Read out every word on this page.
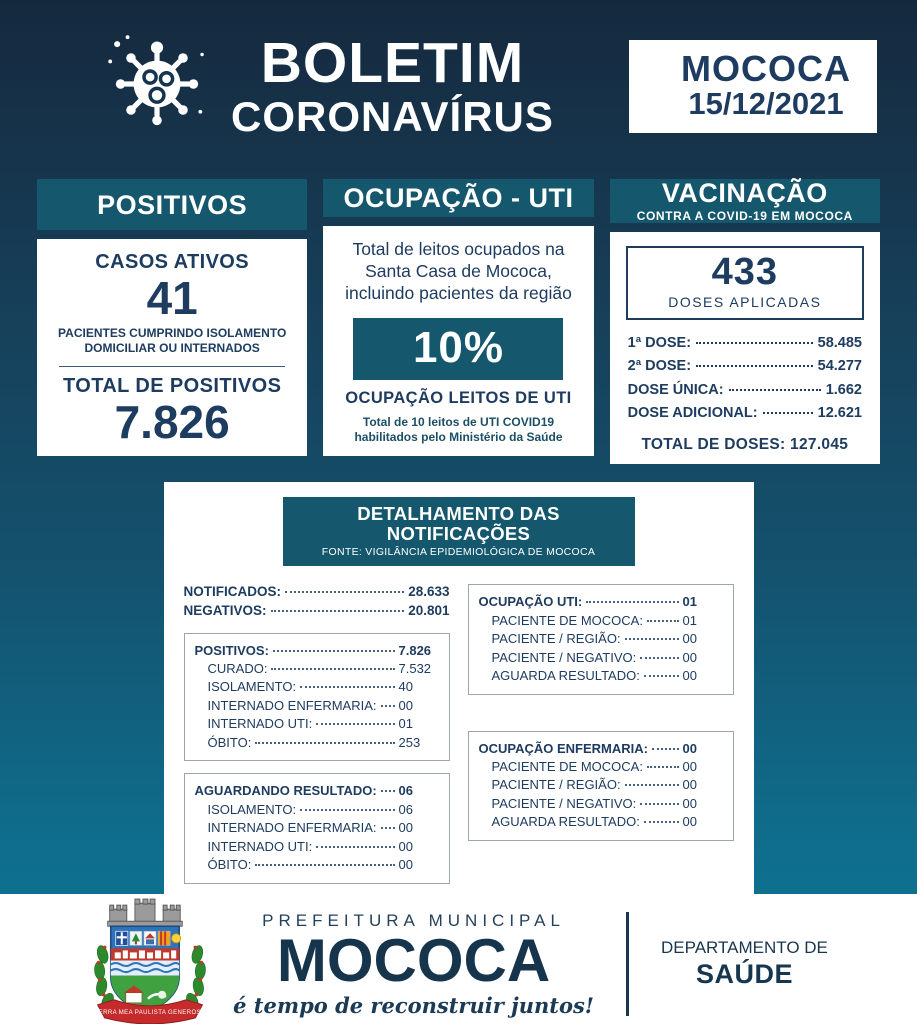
BOLETIM
CORONAVÍRUS
MOCOCA
15/12/2021
POSITIVOS
CASOS ATIVOS
41
PACIENTES CUMPRINDO ISOLAMENTO DOMICILIAR OU INTERNADOS
TOTAL DE POSITIVOS
7.826
OCUPAÇÃO - UTI
Total de leitos ocupados na Santa Casa de Mococa, incluindo pacientes da região
10%
OCUPAÇÃO LEITOS DE UTI
Total de 10 leitos de UTI COVID19 habilitados pelo Ministério da Saúde
VACINAÇÃO
CONTRA A COVID-19 EM MOCOCA
433
DOSES APLICADAS
1ª DOSE:	58.485
2ª DOSE:	54.277
DOSE ÚNICA:	1.662
DOSE ADICIONAL:	12.621
TOTAL DE DOSES: 127.045
DETALHAMENTO DAS NOTIFICAÇÕES
FONTE: VIGILÂNCIA EPIDEMIOLÓGICA DE MOCOCA
NOTIFICADOS:	28.633
NEGATIVOS:	20.801
POSITIVOS:	7.826
CURADO:	7.532
ISOLAMENTO:	40
INTERNADO ENFERMARIA: 00
INTERNADO UTI:	01
ÓBITO:	253
AGUARDANDO RESULTADO: 06
ISOLAMENTO:	06
INTERNADO ENFERMARIA: 00
INTERNADO UTI:	00
ÓBITO:	00
OCUPAÇÃO UTI:	01
PACIENTE DE MOCOCA:	01
PACIENTE / REGIÃO:	00
PACIENTE / NEGATIVO:	00
AGUARDA RESULTADO:	00
OCUPAÇÃO ENFERMARIA:	00
PACIENTE DE MOCOCA:	00
PACIENTE / REGIÃO:	00
PACIENTE / NEGATIVO:	00
AGUARDA RESULTADO:	00
TERRA MEA PAULISTA GENEROSA
PREFEITURA MUNICIPAL
MOCOCA
é tempo de reconstruir juntos!
DEPARTAMENTO DE
SAÚDE
